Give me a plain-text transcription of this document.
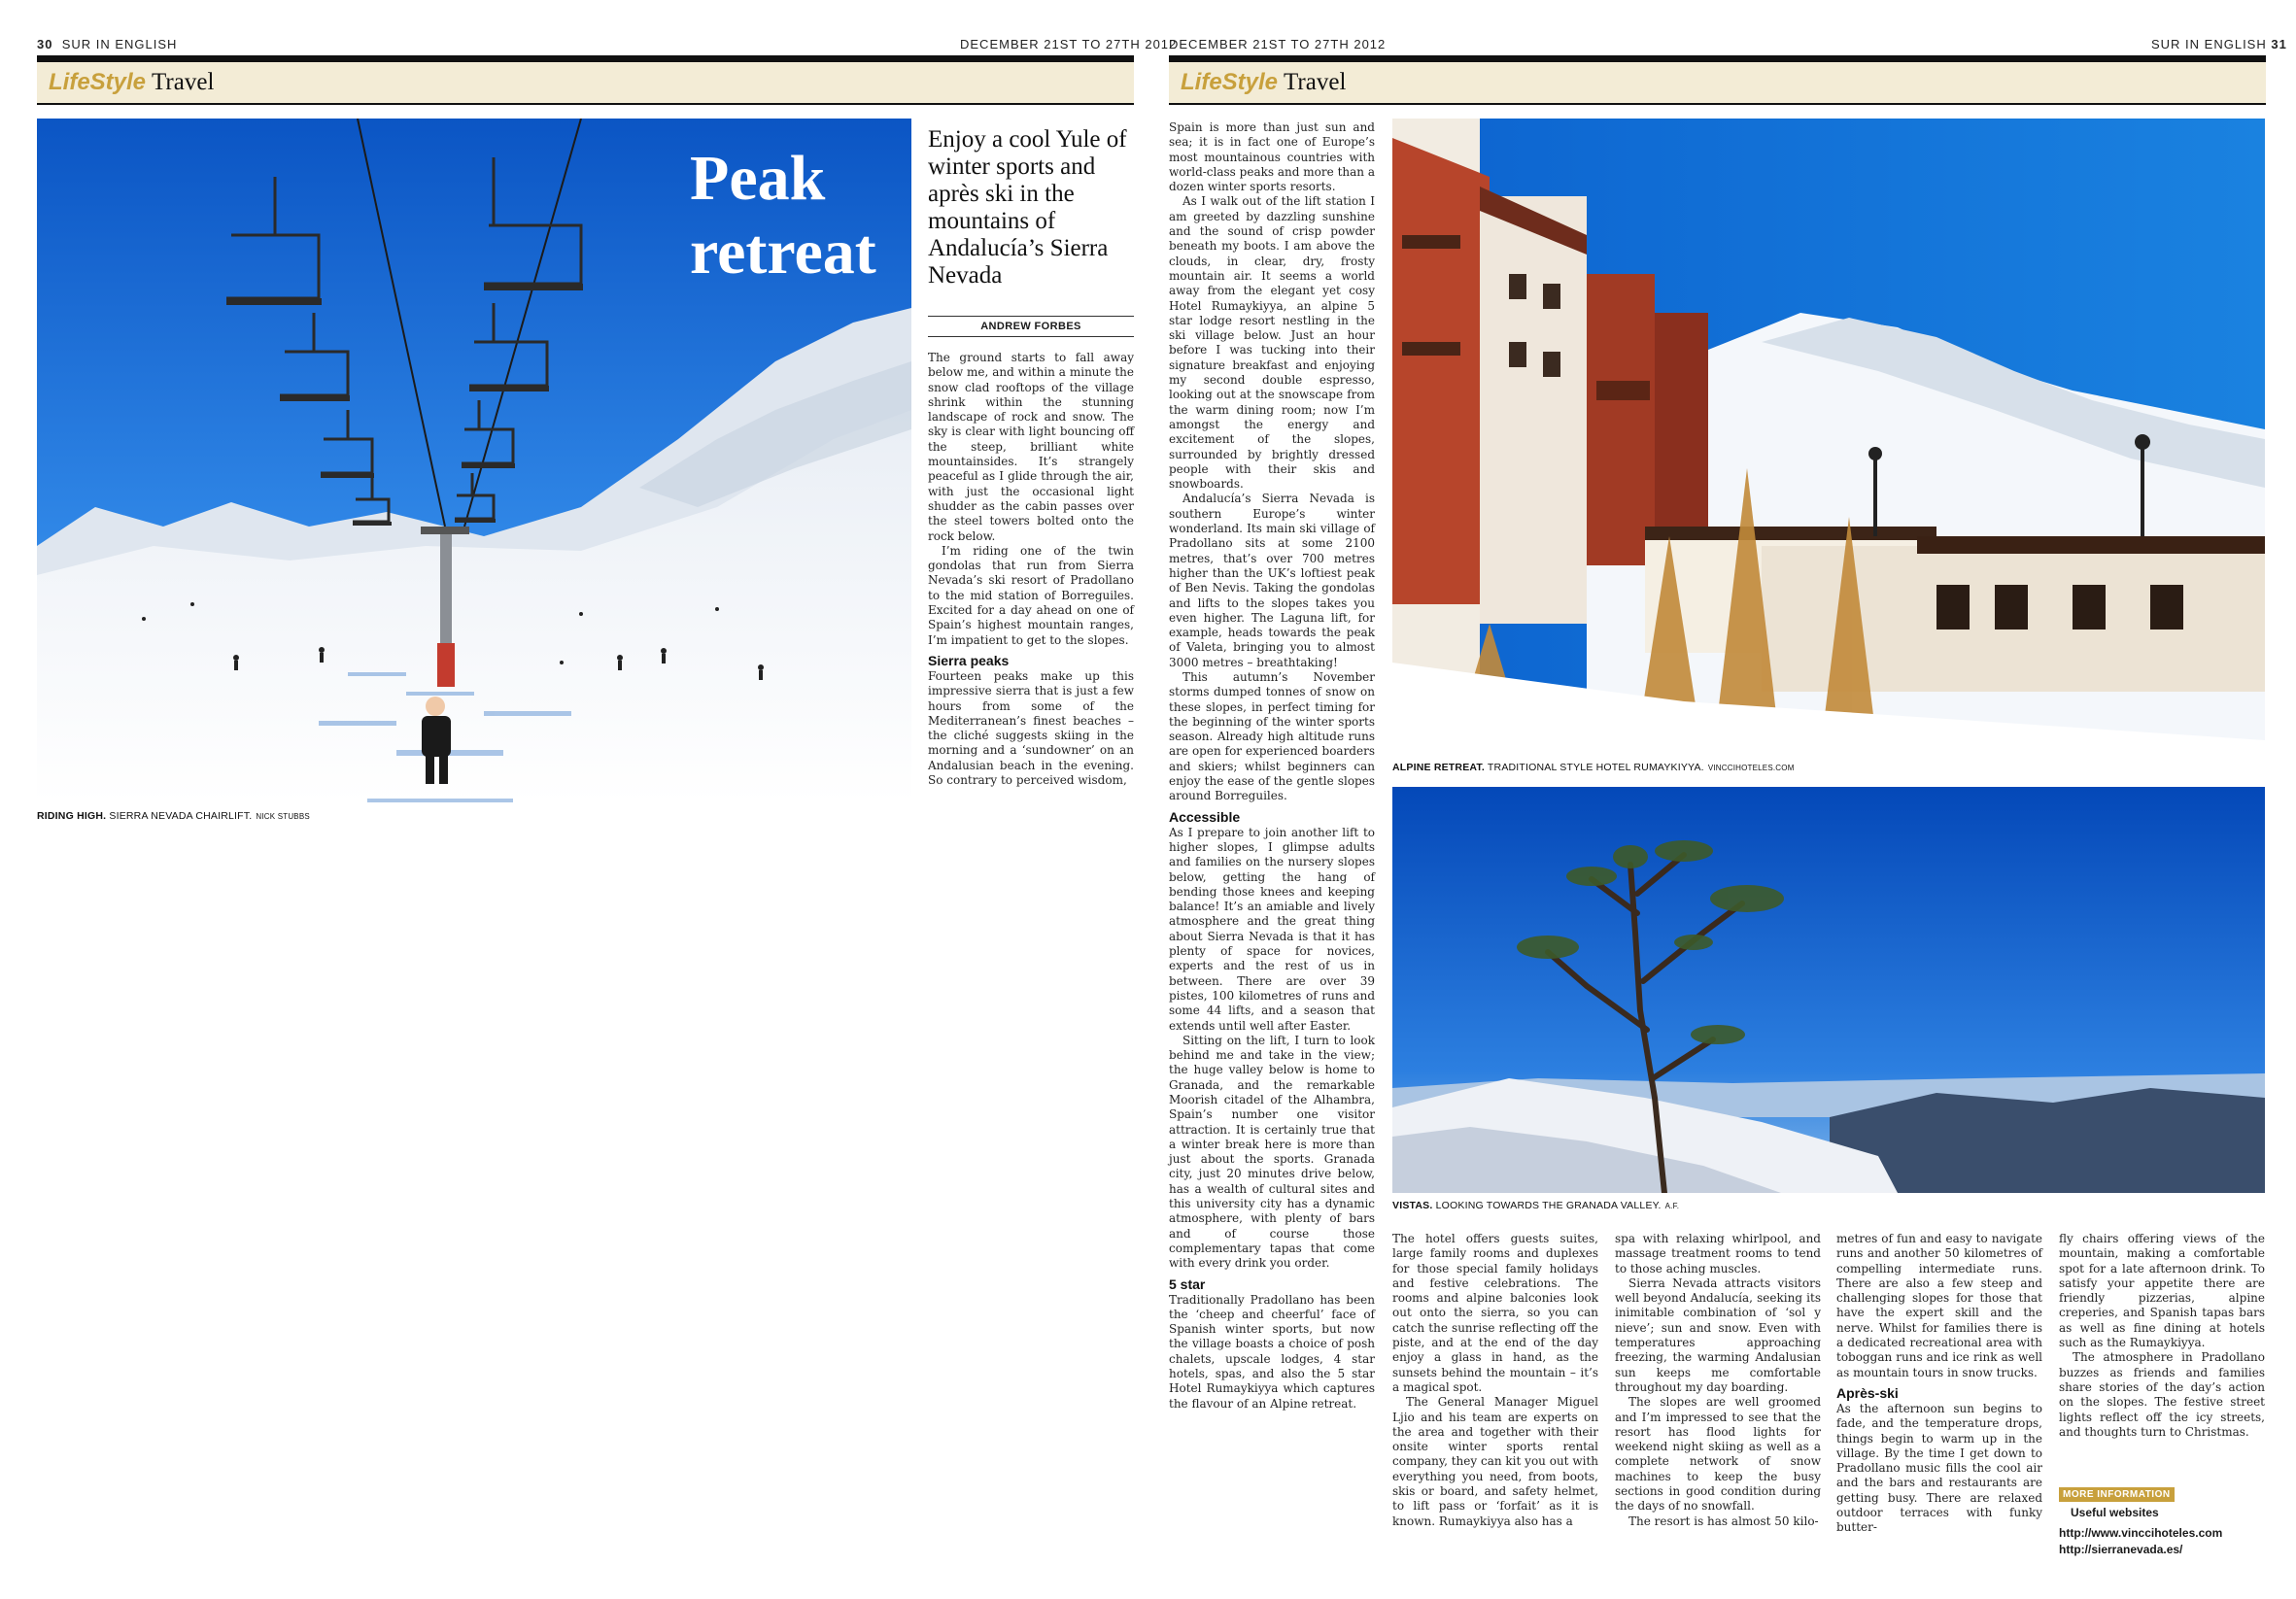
30 SUR IN ENGLISH	DECEMBER 21ST TO 27TH 2012
LifeStyle Travel
Peak
retreat
RIDING HIGH. SIERRA NEVADA CHAIRLIFT. NICK STUBBS
Enjoy a cool Yule of winter sports and après ski in the mountains of Andalucía’s Sierra Nevada
ANDREW FORBES

The ground starts to fall away below me, and within a minute the snow clad rooftops of the village shrink within the stunning landscape of rock and snow. The sky is clear with light bouncing off the steep, brilliant white mountainsides. It’s strangely peaceful as I glide through the air, with just the occasional light shudder as the cabin passes over the steel towers bolted onto the rock below.

I’m riding one of the twin gondolas that run from Sierra Nevada’s ski resort of Pradollano to the mid station of Borreguiles. Excited for a day ahead on one of Spain’s highest mountain ranges, I’m impatient to get to the slopes.

Sierra peaks

Fourteen peaks make up this impressive sierra that is just a few hours from some of the Mediterranean’s finest beaches – the cliché suggests skiing in the morning and a ‘sundowner’ on an Andalusian beach in the evening. So contrary to perceived wisdom,

DECEMBER 21ST TO 27TH 2012	SUR IN ENGLISH 31
LifeStyle Travel

Spain is more than just sun and sea; it is in fact one of Europe’s most mountainous countries with world-class peaks and more than a dozen winter sports resorts.

As I walk out of the lift station I am greeted by dazzling sunshine and the sound of crisp powder beneath my boots. I am above the clouds, in clear, dry, frosty mountain air. It seems a world away from the elegant yet cosy Hotel Rumaykiyya, an alpine 5 star lodge resort nestling in the ski village below. Just an hour before I was tucking into their signature breakfast and enjoying my second double espresso, looking out at the snowscape from the warm dining room; now I’m amongst the energy and excitement of the slopes, surrounded by brightly dressed people with their skis and snowboards.

Andalucía’s Sierra Nevada is southern Europe’s winter wonderland. Its main ski village of Pradollano sits at some 2100 metres, that’s over 700 metres higher than the UK’s loftiest peak of Ben Nevis. Taking the gondolas and lifts to the slopes takes you even higher. The Laguna lift, for example, heads towards the peak of Valeta, bringing you to almost 3000 metres – breathtaking!

This autumn’s November storms dumped tonnes of snow on these slopes, in perfect timing for the beginning of the winter sports season. Already high altitude runs are open for experienced boarders and skiers; whilst beginners can enjoy the ease of the gentle slopes around Borreguiles.

Accessible

As I prepare to join another lift to higher slopes, I glimpse adults and families on the nursery slopes below, getting the hang of bending those knees and keeping balance! It’s an amiable and lively atmosphere and the great thing about Sierra Nevada is that it has plenty of space for novices, experts and the rest of us in between. There are over 39 pistes, 100 kilometres of runs and some 44 lifts, and a season that extends until well after Easter.

Sitting on the lift, I turn to look behind me and take in the view; the huge valley below is home to Granada, and the remarkable Moorish citadel of the Alhambra, Spain’s number one visitor attraction. It is certainly true that a winter break here is more than just about the sports. Granada city, just 20 minutes drive below, has a wealth of cultural sites and this university city has a dynamic atmosphere, with plenty of bars and of course those complementary tapas that come with every drink you order.

5 star

Traditionally Pradollano has been the ‘cheep and cheerful’ face of Spanish winter sports, but now the village boasts a choice of posh chalets, upscale lodges, 4 star hotels, spas, and also the 5 star Hotel Rumaykiyya which captures the flavour of an Alpine retreat.

ALPINE RETREAT. TRADITIONAL STYLE HOTEL RUMAYKIYYA. VINCCIHOTELES.COM
VISTAS. LOOKING TOWARDS THE GRANADA VALLEY. A.F.

The hotel offers guests suites, large family rooms and duplexes for those special family holidays and festive celebrations. The rooms and alpine balconies look out onto the sierra, so you can catch the sunrise reflecting off the piste, and at the end of the day enjoy a glass in hand, as the sunsets behind the mountain – it’s a magical spot.

The General Manager Miguel Ljio and his team are experts on the area and together with their onsite winter sports rental company, they can kit you out with everything you need, from boots, skis or board, and safety helmet, to lift pass or ‘forfait’ as it is known. Rumaykiyya also has a

spa with relaxing whirlpool, and massage treatment rooms to tend to those aching muscles.

Sierra Nevada attracts visitors well beyond Andalucía, seeking its inimitable combination of ‘sol y nieve’; sun and snow. Even with temperatures approaching freezing, the warming Andalusian sun keeps me comfortable throughout my day boarding.

The slopes are well groomed and I’m impressed to see that the resort has flood lights for weekend night skiing as well as a complete network of snow machines to keep the busy sections in good condition during the days of no snowfall.

The resort is has almost 50 kilo-

metres of fun and easy to navigate runs and another 50 kilometres of compelling intermediate runs. There are also a few steep and challenging slopes for those that have the expert skill and the nerve. Whilst for families there is a dedicated recreational area with toboggan runs and ice rink as well as mountain tours in snow trucks.

Après-ski

As the afternoon sun begins to fade, and the temperature drops, things begin to warm up in the village. By the time I get down to Pradollano music fills the cool air and the bars and restaurants are getting busy. There are relaxed outdoor terraces with funky butter-

fly chairs offering views of the mountain, making a comfortable spot for a late afternoon drink. To satisfy your appetite there are friendly pizzerias, alpine creperies, and Spanish tapas bars as well as fine dining at hotels such as the Rumaykiyya.

The atmosphere in Pradollano buzzes as friends and families share stories of the day’s action on the slopes. The festive street lights reflect off the icy streets, and thoughts turn to Christmas.

MORE INFORMATION
Useful websites
http://www.vinccihoteles.com
http://sierranevada.es/
